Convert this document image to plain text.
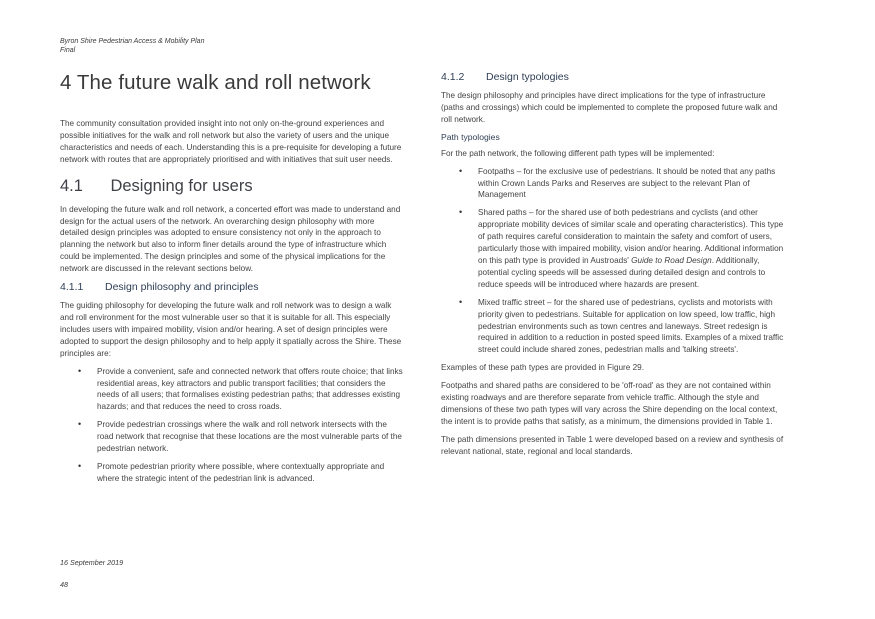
Byron Shire Pedestrian Access & Mobility Plan
Final
4 The future walk and roll network

The community consultation provided insight into not only on-the-ground experiences and possible initiatives for the walk and roll network but also the variety of users and the unique characteristics and needs of each. Understanding this is a pre-requisite for developing a future network with routes that are appropriately prioritised and with initiatives that suit user needs.

4.1      Designing for users

In developing the future walk and roll network, a concerted effort was made to understand and design for the actual users of the network. An overarching design philosophy with more detailed design principles was adopted to ensure consistency not only in the approach to planning the network but also to inform finer details around the type of infrastructure which could be implemented. The design principles and some of the physical implications for the network are discussed in the relevant sections below.

4.1.1 Design philosophy and principles

The guiding philosophy for developing the future walk and roll network was to design a walk and roll environment for the most vulnerable user so that it is suitable for all. This especially includes users with impaired mobility, vision and/or hearing. A set of design principles were adopted to support the design philosophy and to help apply it spatially across the Shire. These principles are:

• Provide a convenient, safe and connected network that offers route choice; that links residential areas, key attractors and public transport facilities; that considers the needs of all users; that formalises existing pedestrian paths; that addresses existing hazards; and that reduces the need to cross roads.
• Provide pedestrian crossings where the walk and roll network intersects with the road network that recognise that these locations are the most vulnerable parts of the pedestrian network.
• Promote pedestrian priority where possible, where contextually appropriate and where the strategic intent of the pedestrian link is advanced.
4.1.2 Design typologies

The design philosophy and principles have direct implications for the type of infrastructure (paths and crossings) which could be implemented to complete the proposed future walk and roll network.

Path typologies

For the path network, the following different path types will be implemented:

• Footpaths – for the exclusive use of pedestrians. It should be noted that any paths within Crown Lands Parks and Reserves are subject to the relevant Plan of Management
• Shared paths – for the shared use of both pedestrians and cyclists (and other appropriate mobility devices of similar scale and operating characteristics). This type of path requires careful consideration to maintain the safety and comfort of users, particularly those with impaired mobility, vision and/or hearing. Additional information on this path type is provided in Austroads' Guide to Road Design. Additionally, potential cycling speeds will be assessed during detailed design and controls to reduce speeds will be introduced where hazards are present.
• Mixed traffic street – for the shared use of pedestrians, cyclists and motorists with priority given to pedestrians. Suitable for application on low speed, low traffic, high pedestrian environments such as town centres and laneways. Street redesign is required in addition to a reduction in posted speed limits. Examples of a mixed traffic street could include shared zones, pedestrian malls and 'talking streets'.

Examples of these path types are provided in Figure 29.

Footpaths and shared paths are considered to be 'off-road' as they are not contained within existing roadways and are therefore separate from vehicle traffic. Although the style and dimensions of these two path types will vary across the Shire depending on the local context, the intent is to provide paths that satisfy, as a minimum, the dimensions provided in Table 1.

The path dimensions presented in Table 1 were developed based on a review and synthesis of relevant national, state, regional and local standards.

16 September 2019
48
